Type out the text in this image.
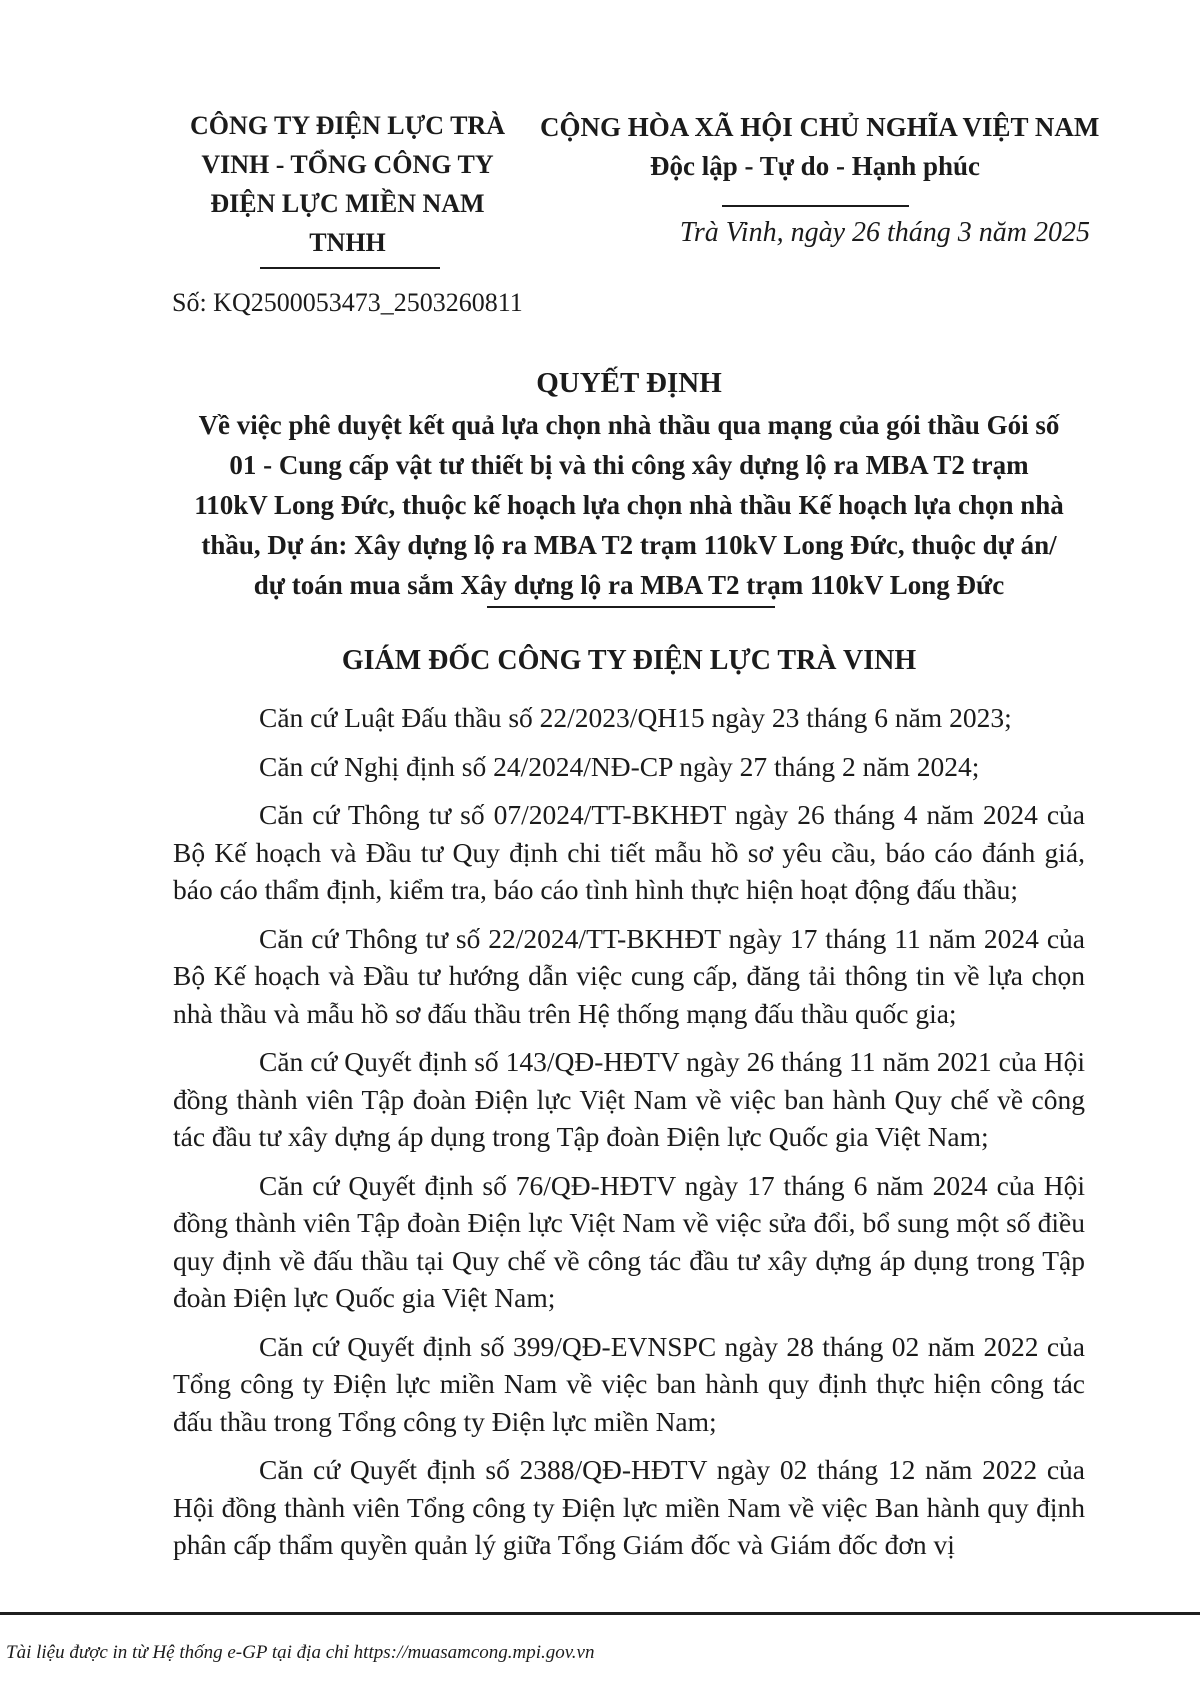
CÔNG TY ĐIỆN LỰC TRÀ
VINH - TỔNG CÔNG TY
ĐIỆN LỰC MIỀN NAM
TNHH
Số: KQ2500053473_2503260811
CỘNG HÒA XÃ HỘI CHỦ NGHĨA VIỆT NAM
Độc lập - Tự do - Hạnh phúc
Trà Vinh, ngày 26 tháng 3 năm 2025
QUYẾT ĐỊNH
Về việc phê duyệt kết quả lựa chọn nhà thầu qua mạng của gói thầu Gói số
01 - Cung cấp vật tư thiết bị và thi công xây dựng lộ ra MBA T2 trạm
110kV Long Đức, thuộc kế hoạch lựa chọn nhà thầu Kế hoạch lựa chọn nhà
thầu, Dự án: Xây dựng lộ ra MBA T2 trạm 110kV Long Đức, thuộc dự án/
dự toán mua sắm Xây dựng lộ ra MBA T2 trạm 110kV Long Đức
GIÁM ĐỐC CÔNG TY ĐIỆN LỰC TRÀ VINH

Căn cứ Luật Đấu thầu số 22/2023/QH15 ngày 23 tháng 6 năm 2023;

Căn cứ Nghị định số 24/2024/NĐ-CP ngày 27 tháng 2 năm 2024;

Căn cứ Thông tư số 07/2024/TT-BKHĐT ngày 26 tháng 4 năm 2024 của Bộ Kế hoạch và Đầu tư Quy định chi tiết mẫu hồ sơ yêu cầu, báo cáo đánh giá, báo cáo thẩm định, kiểm tra, báo cáo tình hình thực hiện hoạt động đấu thầu;

Căn cứ Thông tư số 22/2024/TT-BKHĐT ngày 17 tháng 11 năm 2024 của Bộ Kế hoạch và Đầu tư hướng dẫn việc cung cấp, đăng tải thông tin về lựa chọn nhà thầu và mẫu hồ sơ đấu thầu trên Hệ thống mạng đấu thầu quốc gia;

Căn cứ Quyết định số 143/QĐ-HĐTV ngày 26 tháng 11 năm 2021 của Hội đồng thành viên Tập đoàn Điện lực Việt Nam về việc ban hành Quy chế về công tác đầu tư xây dựng áp dụng trong Tập đoàn Điện lực Quốc gia Việt Nam;

Căn cứ Quyết định số 76/QĐ-HĐTV ngày 17 tháng 6 năm 2024 của Hội đồng thành viên Tập đoàn Điện lực Việt Nam về việc sửa đổi, bổ sung một số điều quy định về đấu thầu tại Quy chế về công tác đầu tư xây dựng áp dụng trong Tập đoàn Điện lực Quốc gia Việt Nam;

Căn cứ Quyết định số 399/QĐ-EVNSPC ngày 28 tháng 02 năm 2022 của Tổng công ty Điện lực miền Nam về việc ban hành quy định thực hiện công tác đấu thầu trong Tổng công ty Điện lực miền Nam;

Căn cứ Quyết định số 2388/QĐ-HĐTV ngày 02 tháng 12 năm 2022 của Hội đồng thành viên Tổng công ty Điện lực miền Nam về việc Ban hành quy định phân cấp thẩm quyền quản lý giữa Tổng Giám đốc và Giám đốc đơn vị

Tài liệu được in từ Hệ thống e-GP tại địa chỉ https://muasamcong.mpi.gov.vn
